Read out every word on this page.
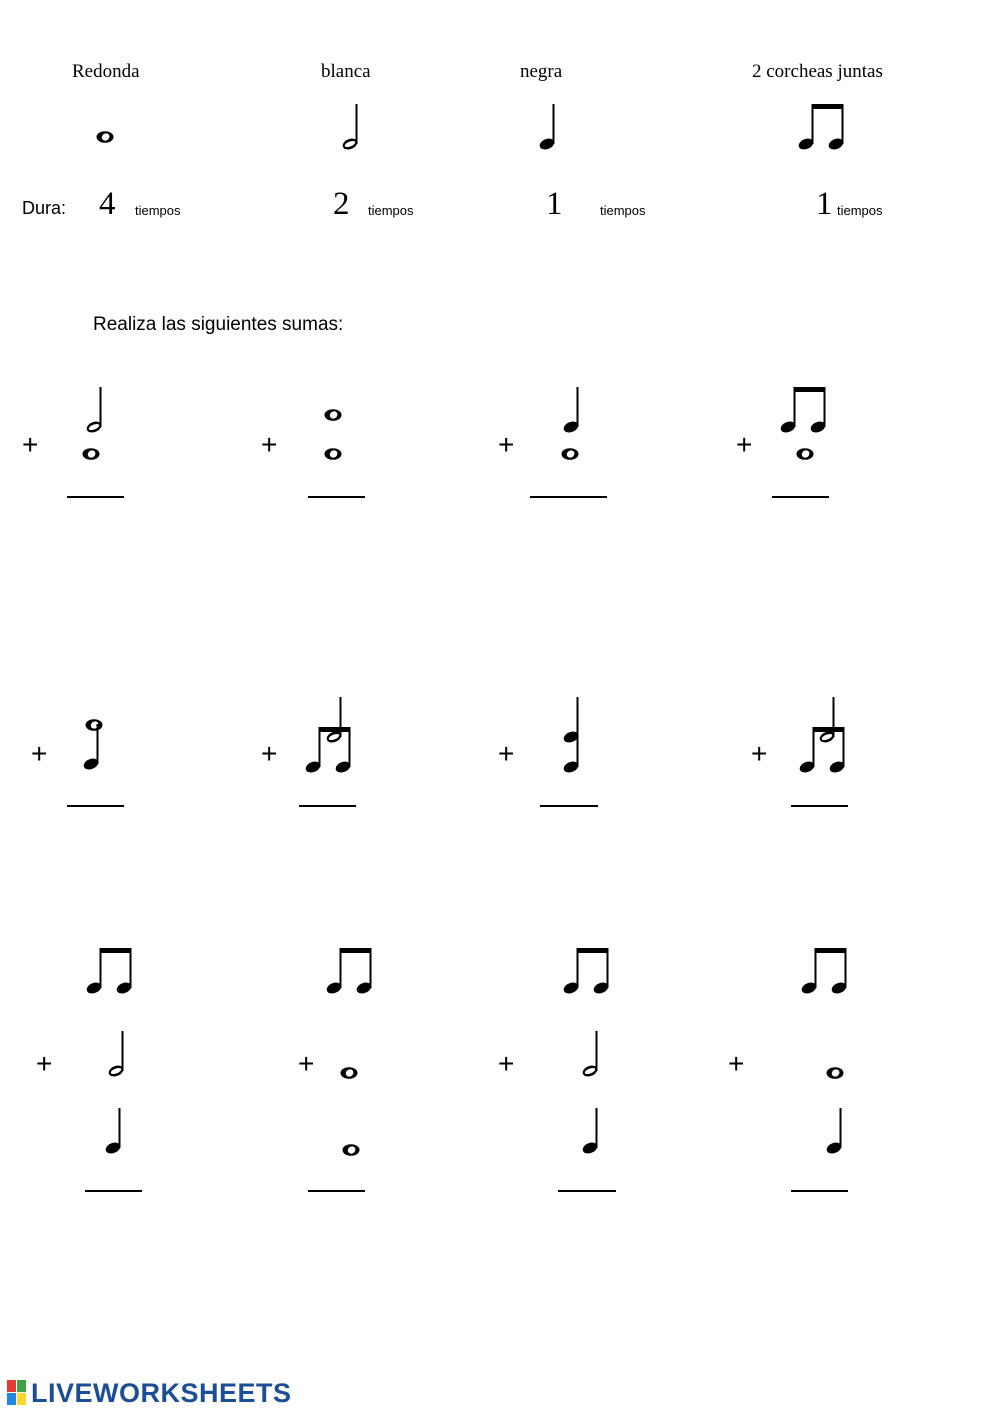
Redonda	blanca	negra	2 corcheas juntas
Dura: 4 tiempos	2 tiempos	1	tiempos	1 tiempos
Realiza las siguientes sumas:
+	+	+	+
+	+	+	+
+	+	+	+
LIVEWORKSHEETS
